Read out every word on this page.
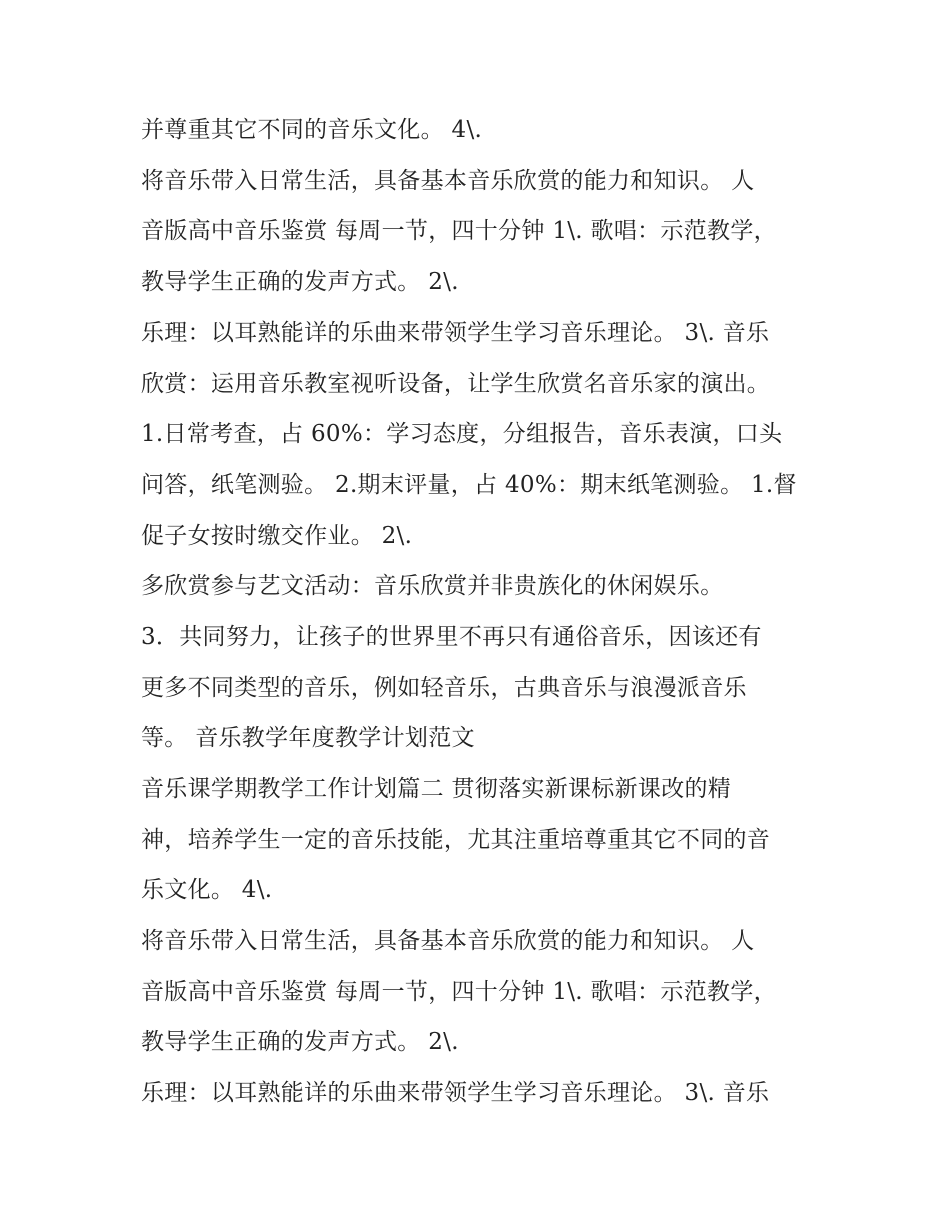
并尊重其它不同的音乐文化。 4\.
将音乐带入日常生活，具备基本音乐欣赏的能力和知识。 人
音版高中音乐鉴赏 每周一节，四十分钟 1\. 歌唱：示范教学，
教导学生正确的发声方式。 2\.
乐理：以耳熟能详的乐曲来带领学生学习音乐理论。 3\. 音乐
欣赏：运用音乐教室视听设备，让学生欣赏名音乐家的演出。
1.日常考查，占 60%：学习态度，分组报告，音乐表演，口头
问答，纸笔测验。 2.期末评量，占 40%：期末纸笔测验。 1.督
促子女按时缴交作业。 2\.
多欣赏参与艺文活动：音乐欣赏并非贵族化的休闲娱乐。
3．共同努力，让孩子的世界里不再只有通俗音乐，因该还有
更多不同类型的音乐，例如轻音乐，古典音乐与浪漫派音乐
等。 音乐教学年度教学计划范文
音乐课学期教学工作计划篇二 贯彻落实新课标新课改的精
神，培养学生一定的音乐技能，尤其注重培尊重其它不同的音
乐文化。 4\.
将音乐带入日常生活，具备基本音乐欣赏的能力和知识。 人
音版高中音乐鉴赏 每周一节，四十分钟 1\. 歌唱：示范教学，
教导学生正确的发声方式。 2\.
乐理：以耳熟能详的乐曲来带领学生学习音乐理论。 3\. 音乐
